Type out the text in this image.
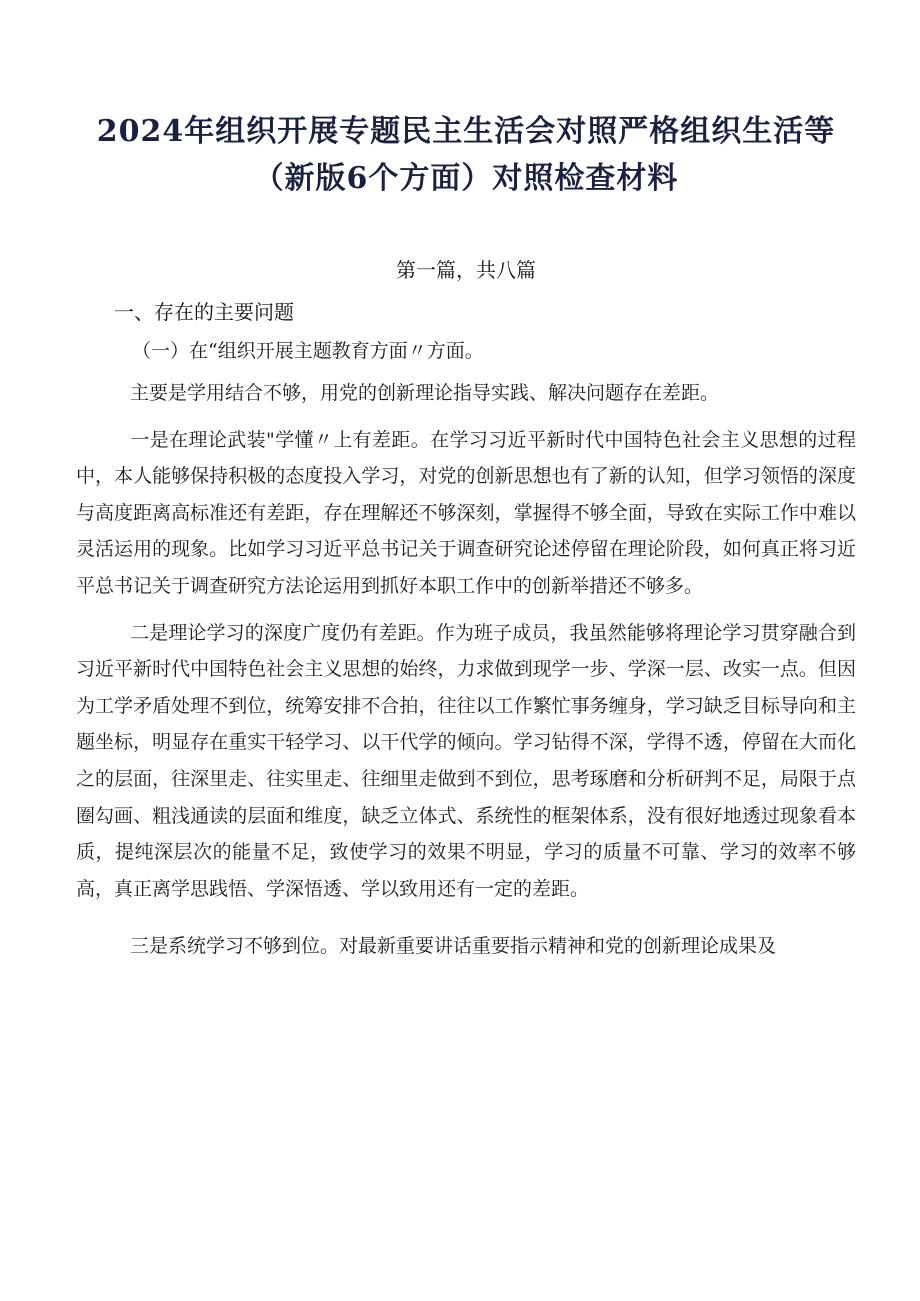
2024年组织开展专题民主生活会对照严格组织生活等
（新版6个方面）对照检查材料
第一篇，共八篇
一、存在的主要问题
（一）在“组织开展主题教育方面〃方面。

主要是学用结合不够，用党的创新理论指导实践、解决问题存在差距。

一是在理论武装"学懂〃上有差距。在学习习近平新时代中国特色社会主义思想的过程中，本人能够保持积极的态度投入学习，对党的创新思想也有了新的认知，但学习领悟的深度与高度距离高标准还有差距，存在理解还不够深刻，掌握得不够全面，导致在实际工作中难以灵活运用的现象。比如学习习近平总书记关于调查研究论述停留在理论阶段，如何真正将习近平总书记关于调查研究方法论运用到抓好本职工作中的创新举措还不够多。

二是理论学习的深度广度仍有差距。作为班子成员，我虽然能够将理论学习贯穿融合到习近平新时代中国特色社会主义思想的始终，力求做到现学一步、学深一层、改实一点。但因为工学矛盾处理不到位，统筹安排不合拍，往往以工作繁忙事务缠身，学习缺乏目标导向和主题坐标，明显存在重实干轻学习、以干代学的倾向。学习钻得不深，学得不透，停留在大而化之的层面，往深里走、往实里走、往细里走做到不到位，思考琢磨和分析研判不足，局限于点圈勾画、粗浅通读的层面和维度，缺乏立体式、系统性的框架体系，没有很好地透过现象看本质，提纯深层次的能量不足，致使学习的效果不明显，学习的质量不可靠、学习的效率不够高，真正离学思践悟、学深悟透、学以致用还有一定的差距。

三是系统学习不够到位。对最新重要讲话重要指示精神和党的创新理论成果及
